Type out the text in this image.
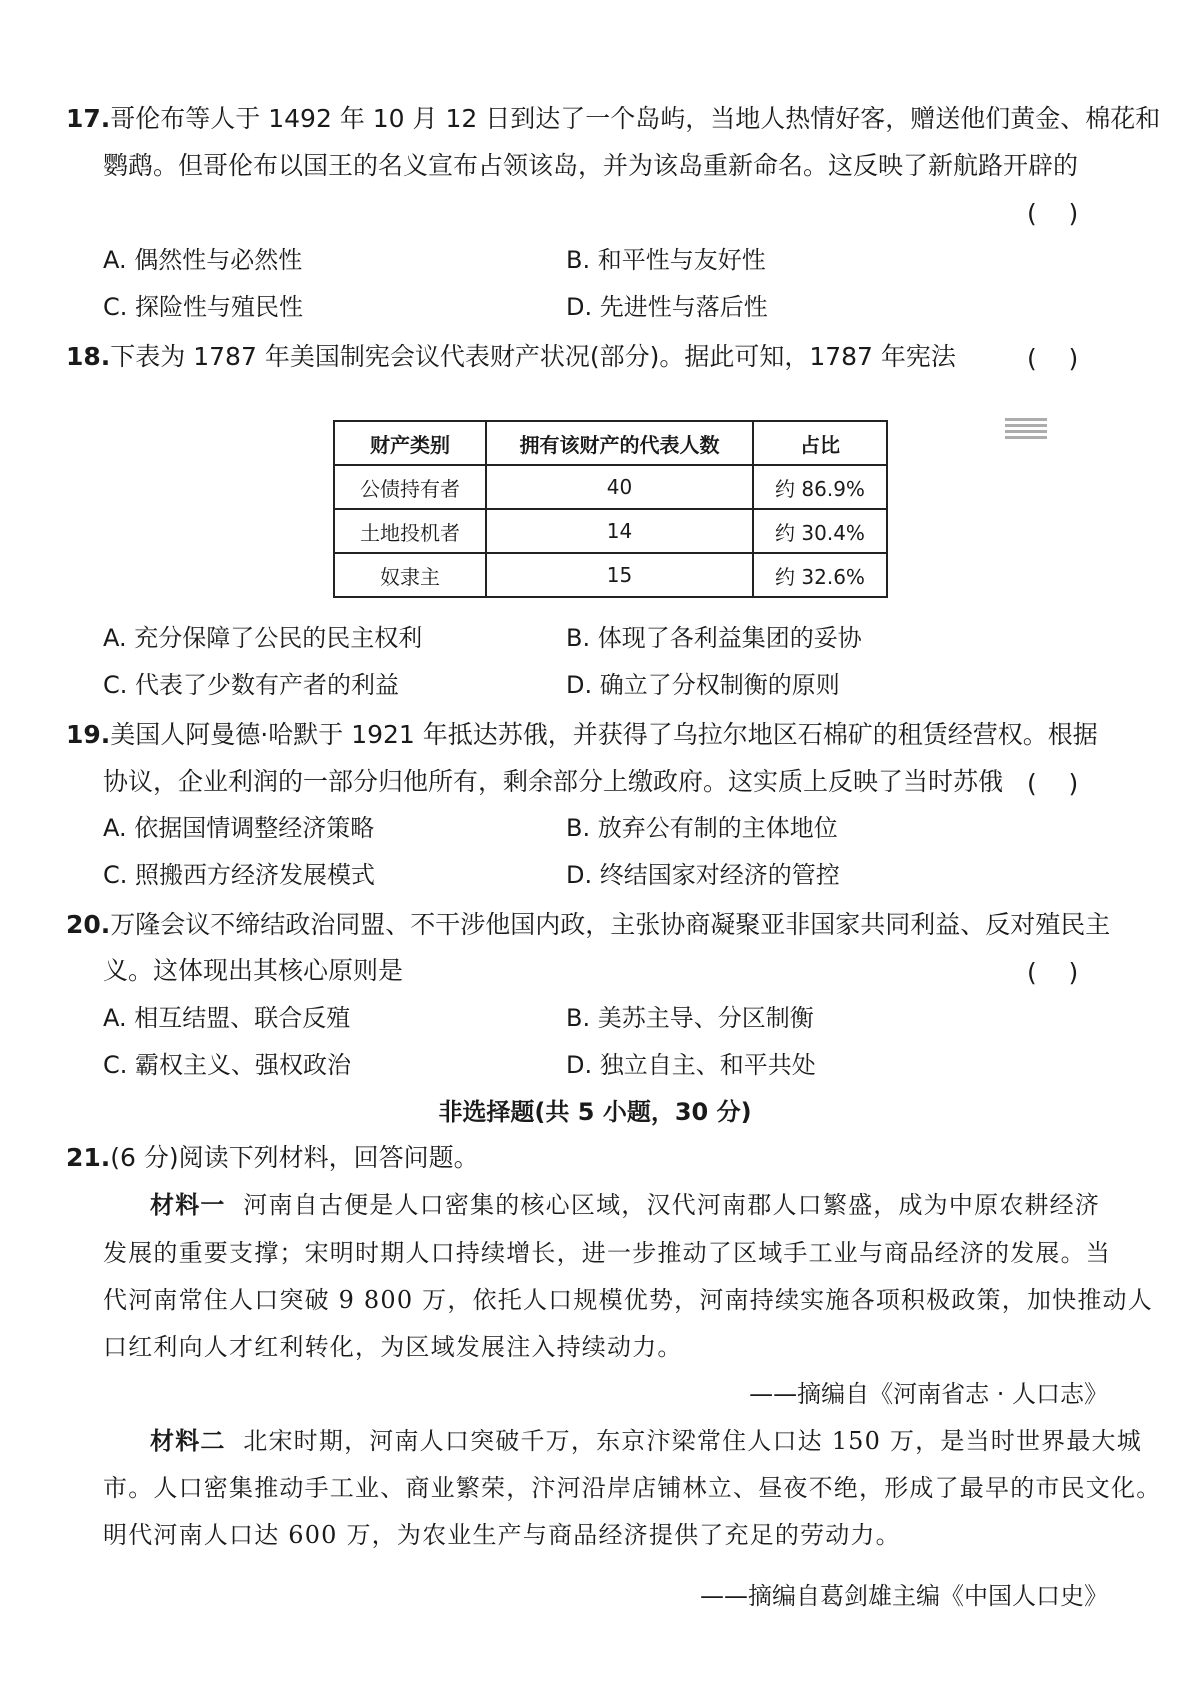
17.哥伦布等人于 1492 年 10 月 12 日到达了一个岛屿，当地人热情好客，赠送他们黄金、棉花和
鹦鹉。但哥伦布以国王的名义宣布占领该岛，并为该岛重新命名。这反映了新航路开辟的
(    )
A. 偶然性与必然性	B. 和平性与友好性
C. 探险性与殖民性	D. 先进性与落后性
18.下表为 1787 年美国制宪会议代表财产状况(部分)。据此可知，1787 年宪法	(    )
财产类别	拥有该财产的代表人数	占比
公债持有者	40	约 86.9%
土地投机者	14	约 30.4%
奴隶主	15	约 32.6%
A. 充分保障了公民的民主权利	B. 体现了各利益集团的妥协
C. 代表了少数有产者的利益	D. 确立了分权制衡的原则
19.美国人阿曼德·哈默于 1921 年抵达苏俄，并获得了乌拉尔地区石棉矿的租赁经营权。根据
协议，企业利润的一部分归他所有，剩余部分上缴政府。这实质上反映了当时苏俄 (    )
A. 依据国情调整经济策略	B. 放弃公有制的主体地位
C. 照搬西方经济发展模式	D. 终结国家对经济的管控
20.万隆会议不缔结政治同盟、不干涉他国内政，主张协商凝聚亚非国家共同利益、反对殖民主
义。这体现出其核心原则是	(    )
A. 相互结盟、联合反殖	B. 美苏主导、分区制衡
C. 霸权主义、强权政治	D. 独立自主、和平共处
非选择题(共 5 小题，30 分)
21.(6 分)阅读下列材料，回答问题。
材料一 河南自古便是人口密集的核心区域，汉代河南郡人口繁盛，成为中原农耕经济
发展的重要支撑；宋明时期人口持续增长，进一步推动了区域手工业与商品经济的发展。当
代河南常住人口突破 9 800 万，依托人口规模优势，河南持续实施各项积极政策，加快推动人
口红利向人才红利转化，为区域发展注入持续动力。
——摘编自《河南省志 · 人口志》
材料二 北宋时期，河南人口突破千万，东京汴梁常住人口达 150 万，是当时世界最大城
市。人口密集推动手工业、商业繁荣，汴河沿岸店铺林立、昼夜不绝，形成了最早的市民文化。
明代河南人口达 600 万，为农业生产与商品经济提供了充足的劳动力。
——摘编自葛剑雄主编《中国人口史》
